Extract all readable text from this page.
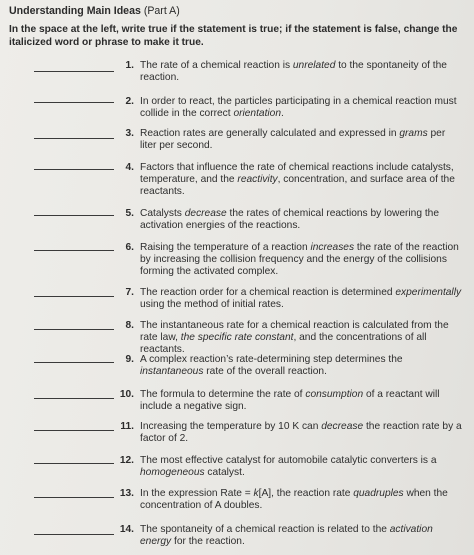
Understanding Main Ideas (Part A)

In the space at the left, write true if the statement is true; if the statement is false, change the italicized word or phrase to make it true.

1. The rate of a chemical reaction is unrelated to the spontaneity of the reaction.
2. In order to react, the particles participating in a chemical reaction must collide in the correct orientation.
3. Reaction rates are generally calculated and expressed in grams per liter per second.
4. Factors that influence the rate of chemical reactions include catalysts, temperature, and the reactivity, concentration, and surface area of the reactants.
5. Catalysts decrease the rates of chemical reactions by lowering the activation energies of the reactions.
6. Raising the temperature of a reaction increases the rate of the reaction by increasing the collision frequency and the energy of the collisions forming the activated complex.
7. The reaction order for a chemical reaction is determined experimentally using the method of initial rates.
8. The instantaneous rate for a chemical reaction is calculated from the rate law, the specific rate constant, and the concentrations of all reactants.
9. A complex reaction’s rate-determining step determines the instantaneous rate of the overall reaction.
10. The formula to determine the rate of consumption of a reactant will include a negative sign.
11. Increasing the temperature by 10 K can decrease the reaction rate by a factor of 2.
12. The most effective catalyst for automobile catalytic converters is a homogeneous catalyst.
13. In the expression Rate = k[A], the reaction rate quadruples when the concentration of A doubles.
14. The spontaneity of a chemical reaction is related to the activation energy for the reaction.
